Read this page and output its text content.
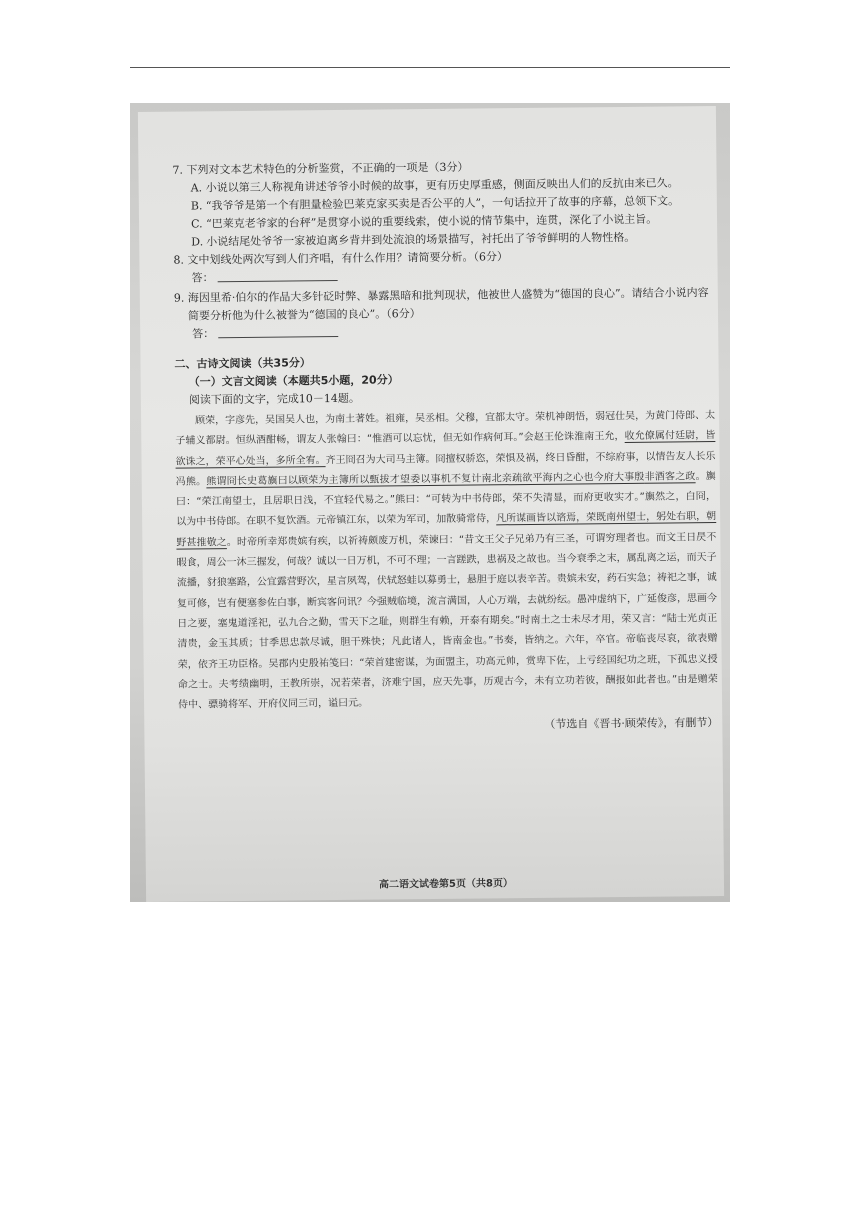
7. 下列对文本艺术特色的分析鉴赏，不正确的一项是（3分）
A. 小说以第三人称视角讲述爷爷小时候的故事，更有历史厚重感，侧面反映出人们的反抗由来已久。
B. “我爷爷是第一个有胆量检验巴莱克家买卖是否公平的人”，一句话拉开了故事的序幕，总领下文。
C. “巴莱克老爷家的台秤”是贯穿小说的重要线索，使小说的情节集中，连贯，深化了小说主旨。
D. 小说结尾处爷爷一家被迫离乡背井到处流浪的场景描写，衬托出了爷爷鲜明的人物性格。
8. 文中划线处两次写到人们齐唱，有什么作用？请简要分析。（6分）
答：
9. 海因里希·伯尔的作品大多针砭时弊、暴露黑暗和批判现状，他被世人盛赞为“德国的良心”。请结合小说内容简要分析他为什么被誉为“德国的良心”。（6分）
答：
二、古诗文阅读（共35分）
（一）文言文阅读（本题共5小题，20分）
阅读下面的文字，完成10－14题。
顾荣，字彦先，吴国吴人也，为南土著姓。祖雍，吴丞相。父穆，宜都太守。荣机神朗悟，弱冠仕吴，为黄门侍郎、太子辅义都尉。恒纵酒酣畅，谓友人张翰曰：“惟酒可以忘忧，但无如作病何耳。”会赵王伦诛淮南王允，收允僚属付廷尉，皆欲诛之，荣平心处当，多所全宥。齐王冏召为大司马主簿。冏擅权骄恣，荣惧及祸，终日昏酣，不综府事，以情告友人长乐冯熊。熊谓冏长史葛旟曰以顾荣为主簿所以甄拔才望委以事机不复计南北亲疏欲平海内之心也今府大事殷非酒客之政。旟曰：“荣江南望士，且居职日浅，不宜轻代易之。”熊曰：“可转为中书侍郎，荣不失清显，而府更收实才。”旟然之，白冏，以为中书侍郎。在职不复饮酒。元帝镇江东，以荣为军司，加散骑常侍，凡所谋画皆以谘焉，荣既南州望士，躬处右职，朝野甚推敬之。时帝所幸郑贵嫔有疾，以祈祷颇废万机，荣谏曰：“昔文王父子兄弟乃有三圣，可谓穷理者也。而文王日昃不暇食，周公一沐三握发，何哉？诚以一日万机，不可不理；一言蹉跌，患祸及之故也。当今衰季之末，属乱离之运，而天子流播，豺狼塞路，公宜露营野次，星言夙驾，伏轼怒蛙以募勇士，悬胆于庭以表辛苦。贵嫔未安，药石实急；祷祀之事，诚复可修，岂有便塞参佐白事，断宾客问讯？今强贼临境，流言满国，人心万端，去就纷纭。愚冲虚纳下，广延俊彦，思画今日之要，塞鬼道淫祀，弘九合之勤，雪天下之耻，则群生有赖，开泰有期矣。”时南土之士未尽才用，荣又言：“陆士光贞正清贵，金玉其质；甘季思忠款尽诚，胆干殊快；凡此诸人，皆南金也。”书奏，皆纳之。六年，卒官。帝临丧尽哀，欲表赠荣，依齐王功臣格。吴郡内史殷祐笺曰：“荣首建密谋，为面盟主，功高元帅，赏卑下佐，上亏经国纪功之班，下孤忠义授命之士。夫考绩幽明，王教所崇，况若荣者，济难宁国，应天先事，历观古今，未有立功若彼，酬报如此者也。”由是赠荣侍中、骠骑将军、开府仪同三司，谥曰元。
（节选自《晋书·顾荣传》，有删节）
高二语文试卷第5页（共8页）
